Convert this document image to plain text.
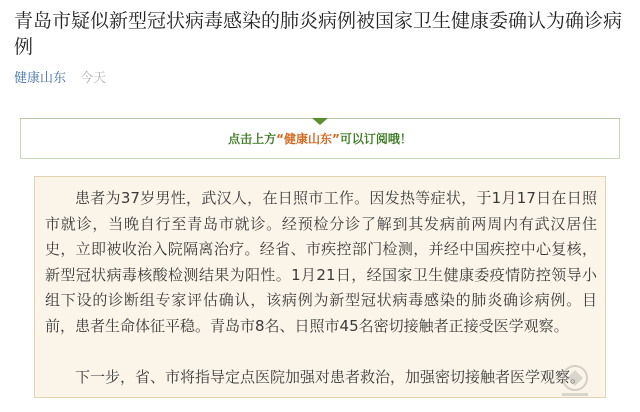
青岛市疑似新型冠状病毒感染的肺炎病例被国家卫生健康委确认为确诊病例
健康山东 今天
点击上方“健康山东”可以订阅哦！

患者为37岁男性，武汉人，在日照市工作。因发热等症状，于1月17日在日照市就诊，当晚自行至青岛市就诊。经预检分诊了解到其发病前两周内有武汉居住史，立即被收治入院隔离治疗。经省、市疾控部门检测，并经中国疾控中心复核，新型冠状病毒核酸检测结果为阳性。1月21日，经国家卫生健康委疫情防控领导小组下设的诊断组专家评估确认，该病例为新型冠状病毒感染的肺炎确诊病例。目前，患者生命体征平稳。青岛市8名、日照市45名密切接触者正接受医学观察。

下一步，省、市将指导定点医院加强对患者救治，加强密切接触者医学观察。
